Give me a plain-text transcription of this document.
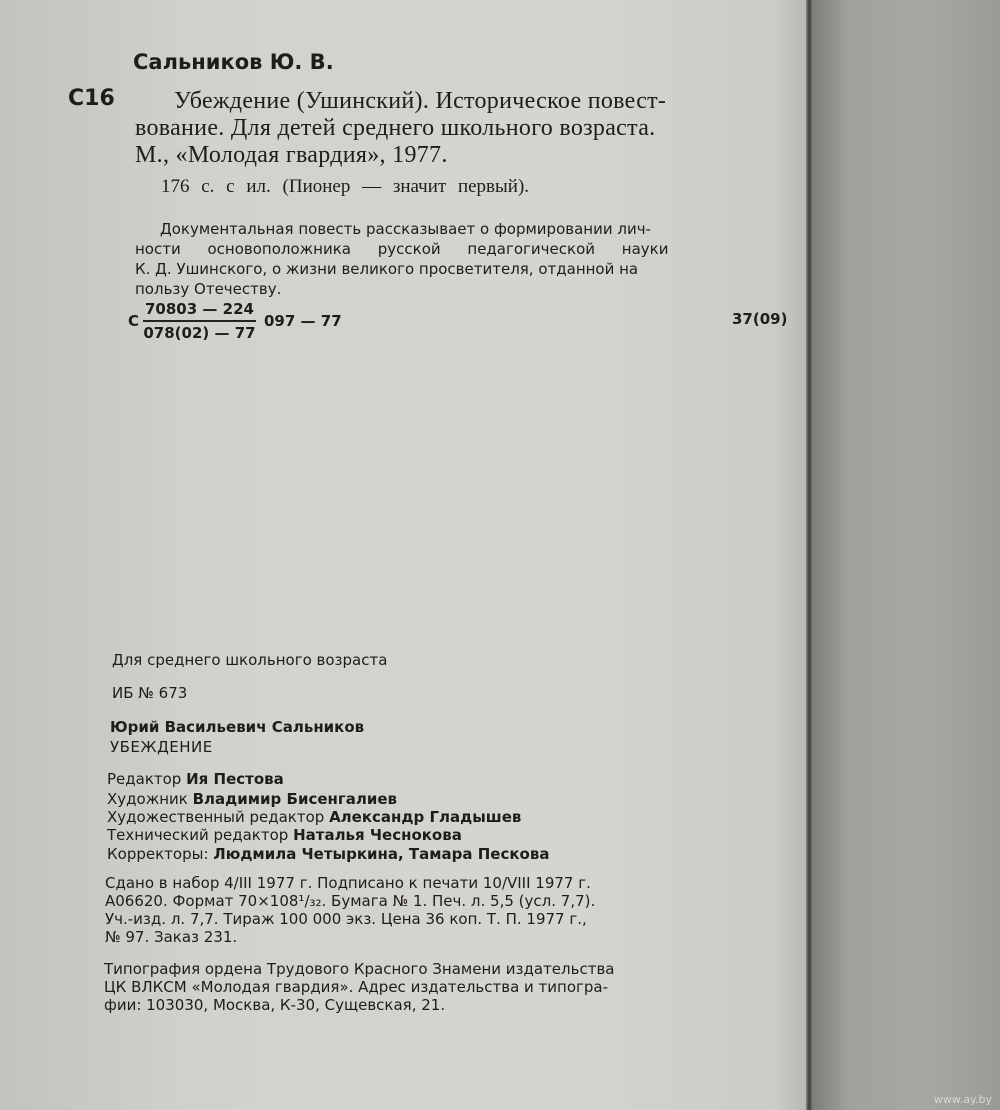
Сальников Ю. В.
С16 Убеждение (Ушинский). Историческое повест-
вование. Для детей среднего школьного возраста.
М., «Молодая гвардия», 1977.
176 с. с ил. (Пионер — значит первый).
Документальная повесть рассказывает о формировании лич-
ности основоположника русской педагогической науки
К. Д. Ушинского, о жизни великого просветителя, отданной на
пользу Отечеству.
С $\frac{70803 — 224}{078(02) — 77} 097$ — 77	37(09)
Для среднего школьного возраста
ИБ № 673
Юрий Васильевич Сальников
УБЕЖДЕНИЕ
Редактор Ия Пестова
Художник Владимир Бисенгалиев
Художественный редактор Александр Гладышев
Технический редактор Наталья Чеснокова
Корректоры: Людмила Четыркина, Тамара Пескова
Сдано в набор 4/III 1977 г. Подписано к печати 10/VIII 1977 г.
А06620. Формат 70×108¹/₃₂. Бумага № 1. Печ. л. 5,5 (усл. 7,7).
Уч.-изд. л. 7,7. Тираж 100 000 экз. Цена 36 коп. Т. П. 1977 г.,
№ 97. Заказ 231.
Типография ордена Трудового Красного Знамени издательства
ЦК ВЛКСМ «Молодая гвардия». Адрес издательства и типогра-
фии: 103030, Москва, К-30, Сущевская, 21.
www.ay.by
